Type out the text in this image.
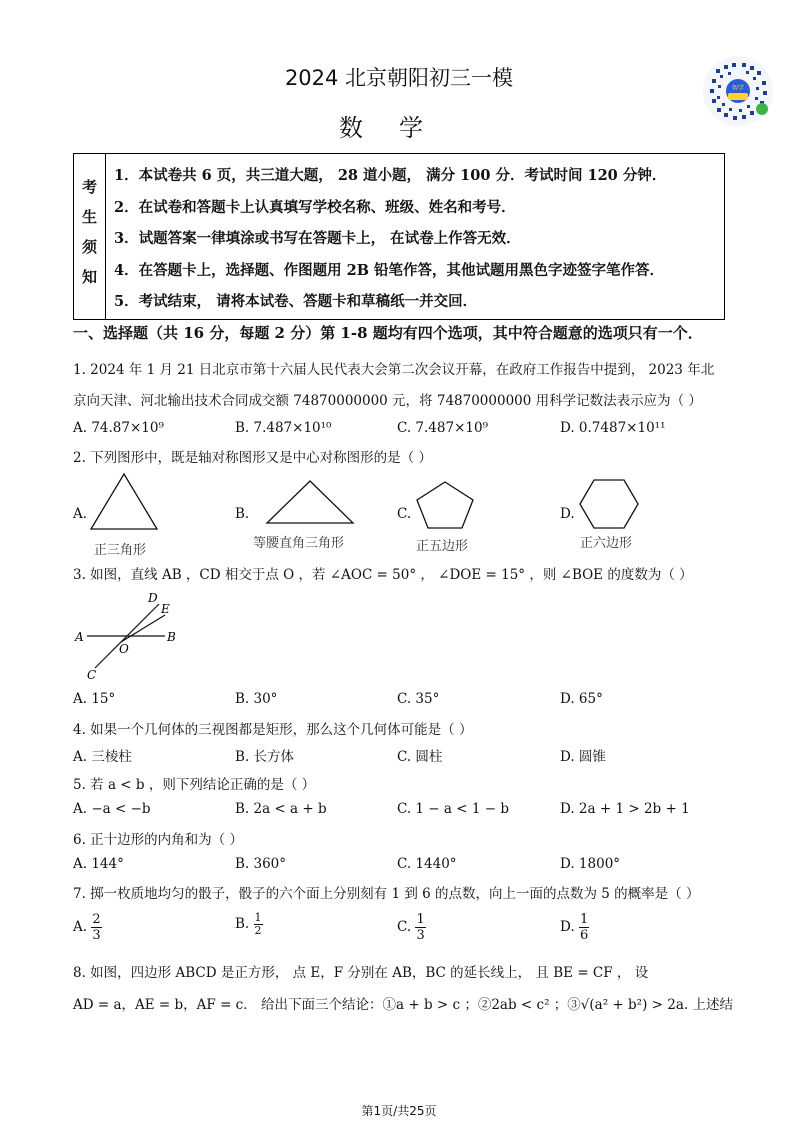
2024 北京朝阳初三一模
数学
智学
考
生
须
知
1．本试卷共 6 页，共三道大题， 28 道小题， 满分 100 分．考试时间 120 分钟．
2．在试卷和答题卡上认真填写学校名称、班级、姓名和考号．
3．试题答案一律填涂或书写在答题卡上， 在试卷上作答无效．
4．在答题卡上，选择题、作图题用 2B 铅笔作答，其他试题用黑色字迹签字笔作答．
5．考试结束， 请将本试卷、答题卡和草稿纸一并交回．
一、选择题（共 16 分，每题 2 分）第 1-8 题均有四个选项，其中符合题意的选项只有一个．
1. 2024 年 1 月 21 日北京市第十六届人民代表大会第二次会议开幕，在政府工作报告中提到， 2023 年北
京向天津、河北输出技术合同成交额 74870000000 元，将 74870000000 用科学记数法表示应为（ ）
A. 74.87×10⁹	B. 7.487×10¹⁰	C. 7.487×10⁹	D. 0.7487×10¹¹
2. 下列图形中，既是轴对称图形又是中心对称图形的是（ ）
A.
正三角形
B.
等腰直角三角形
C.
正五边形
D.
正六边形
3. 如图，直线 AB ，CD 相交于点 O ，若 ∠AOC = 50° ， ∠DOE = 15° ，则 ∠BOE 的度数为（ ）
A	B
C
D
E
O
A. 15°	B. 30°	C. 35°	D. 65°
4. 如果一个几何体的三视图都是矩形，那么这个几何体可能是（ ）
A. 三棱柱	B. 长方体	C. 圆柱	D. 圆锥
5. 若 a < b ，则下列结论正确的是（ ）
A. −a < −b	B. 2a < a + b	C. 1 − a < 1 − b	D. 2a + 1 > 2b + 1
6. 正十边形的内角和为（ ）
A. 144°	B. 360°	C. 1440°	D. 1800°
7. 掷一枚质地均匀的骰子，骰子的六个面上分别刻有 1 到 6 的点数，向上一面的点数为 5 的概率是（ ）
A. $\frac{2}{3}$	B. $\frac{1}{2}$	C. $\frac{1}{3}$	D. $\frac{1}{6}$
8. 如图，四边形 ABCD 是正方形， 点 E，F 分别在 AB，BC 的延长线上， 且 BE = CF ， 设
AD = a，AE = b，AF = c． 给出下面三个结论：①a + b > c ；②2ab < c² ；③√(a² + b²) > 2a. 上述结
第1页/共25页
